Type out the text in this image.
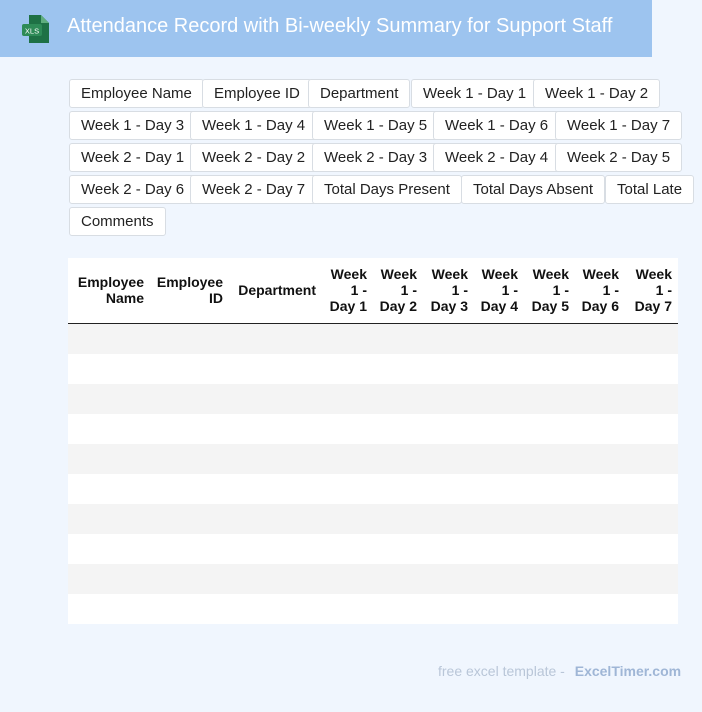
XLS Attendance Record with Bi-weekly Summary for Support Staff
Employee Name	Employee ID	Department	Week 1 - Day 1	Week 1 - Day 2
Week 1 - Day 3	Week 1 - Day 4	Week 1 - Day 5	Week 1 - Day 6	Week 1 - Day 7
Week 2 - Day 1	Week 2 - Day 2	Week 2 - Day 3	Week 2 - Day 4	Week 2 - Day 5
Week 2 - Day 6	Week 2 - Day 7	Total Days Present	Total Days Absent	Total Late
Comments
Employee Name	Employee ID	Department	Week 1 - Day 1	Week 1 - Day 2	Week 1 - Day 3	Week 1 - Day 4	Week 1 - Day 5	Week 1 - Day 6	Week 1 - Day 7

free excel template - ExcelTimer.com
